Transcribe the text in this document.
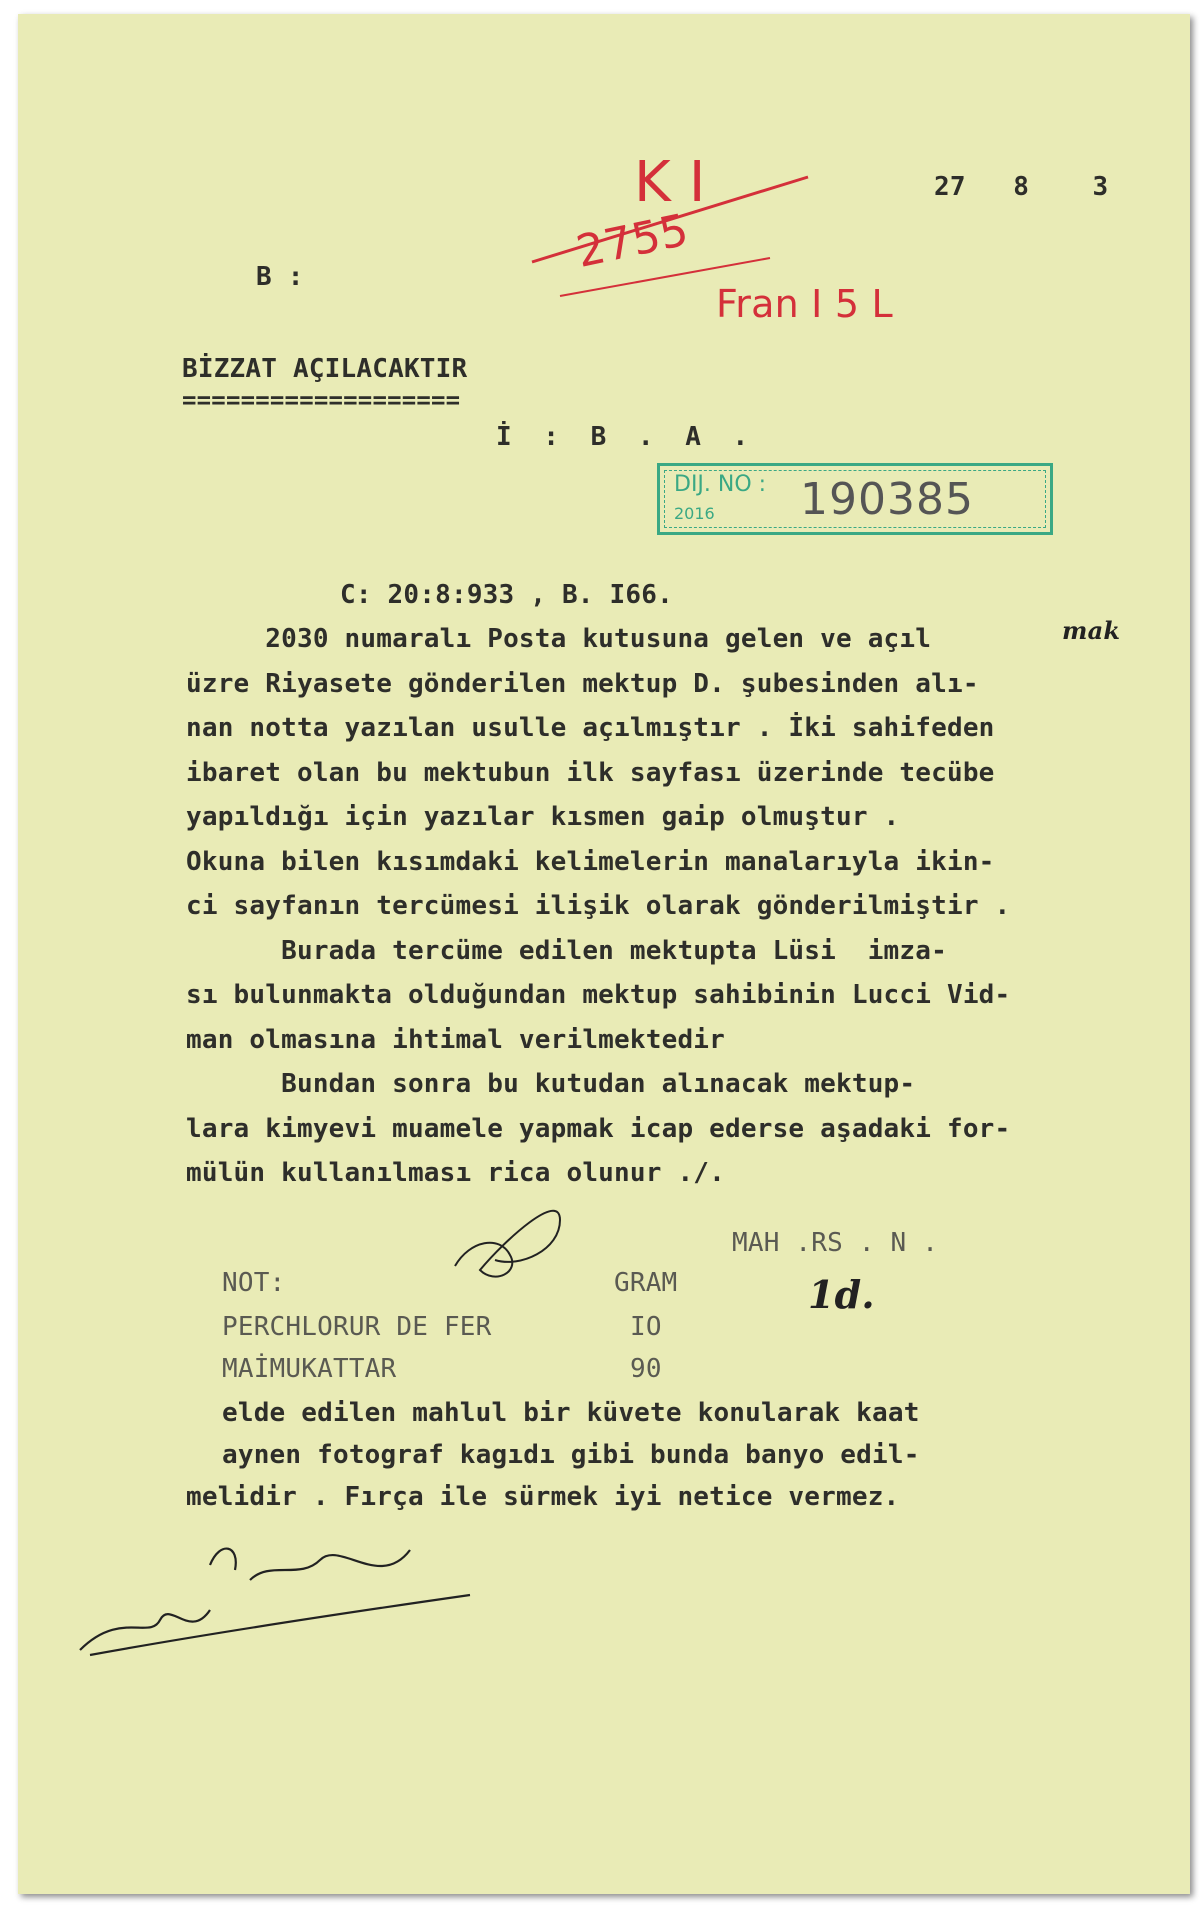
27   8    3
B :
BİZZAT AÇILACAKTIR
===================
İ : B . A .
K I
2755
Fran I 5 L
DIJ. NO :
2016 190385
C: 20:8:933 , B. I66.
2030 numaralı Posta kutusuna gelen ve açıl
üzre Riyasete gönderilen mektup D. şubesinden alı-
nan notta yazılan usulle açılmıştır . İki sahifeden
ibaret olan bu mektubun ilk sayfası üzerinde tecübe
yapıldığı için yazılar kısmen gaip olmuştur .
Okuna bilen kısımdaki kelimelerin manalarıyla ikin-
ci sayfanın tercümesi ilişik olarak gönderilmiştir .
Burada tercüme edilen mektupta Lüsi  imza-
sı bulunmakta olduğundan mektup sahibinin Lucci Vid-
man olmasına ihtimal verilmektedir
Bundan sonra bu kutudan alınacak mektup-
lara kimyevi muamele yapmak icap ederse aşadaki for-
mülün kullanılması rica olunur ./.
mak
MAH .RS . N .
1d.
NOT:	GRAM
PERCHLORUR DE FER	IO
MAİMUKATTAR	90
elde edilen mahlul bir küvete konularak kaat
aynen fotograf kagıdı gibi bunda banyo edil-
melidir . Fırça ile sürmek iyi netice vermez.
